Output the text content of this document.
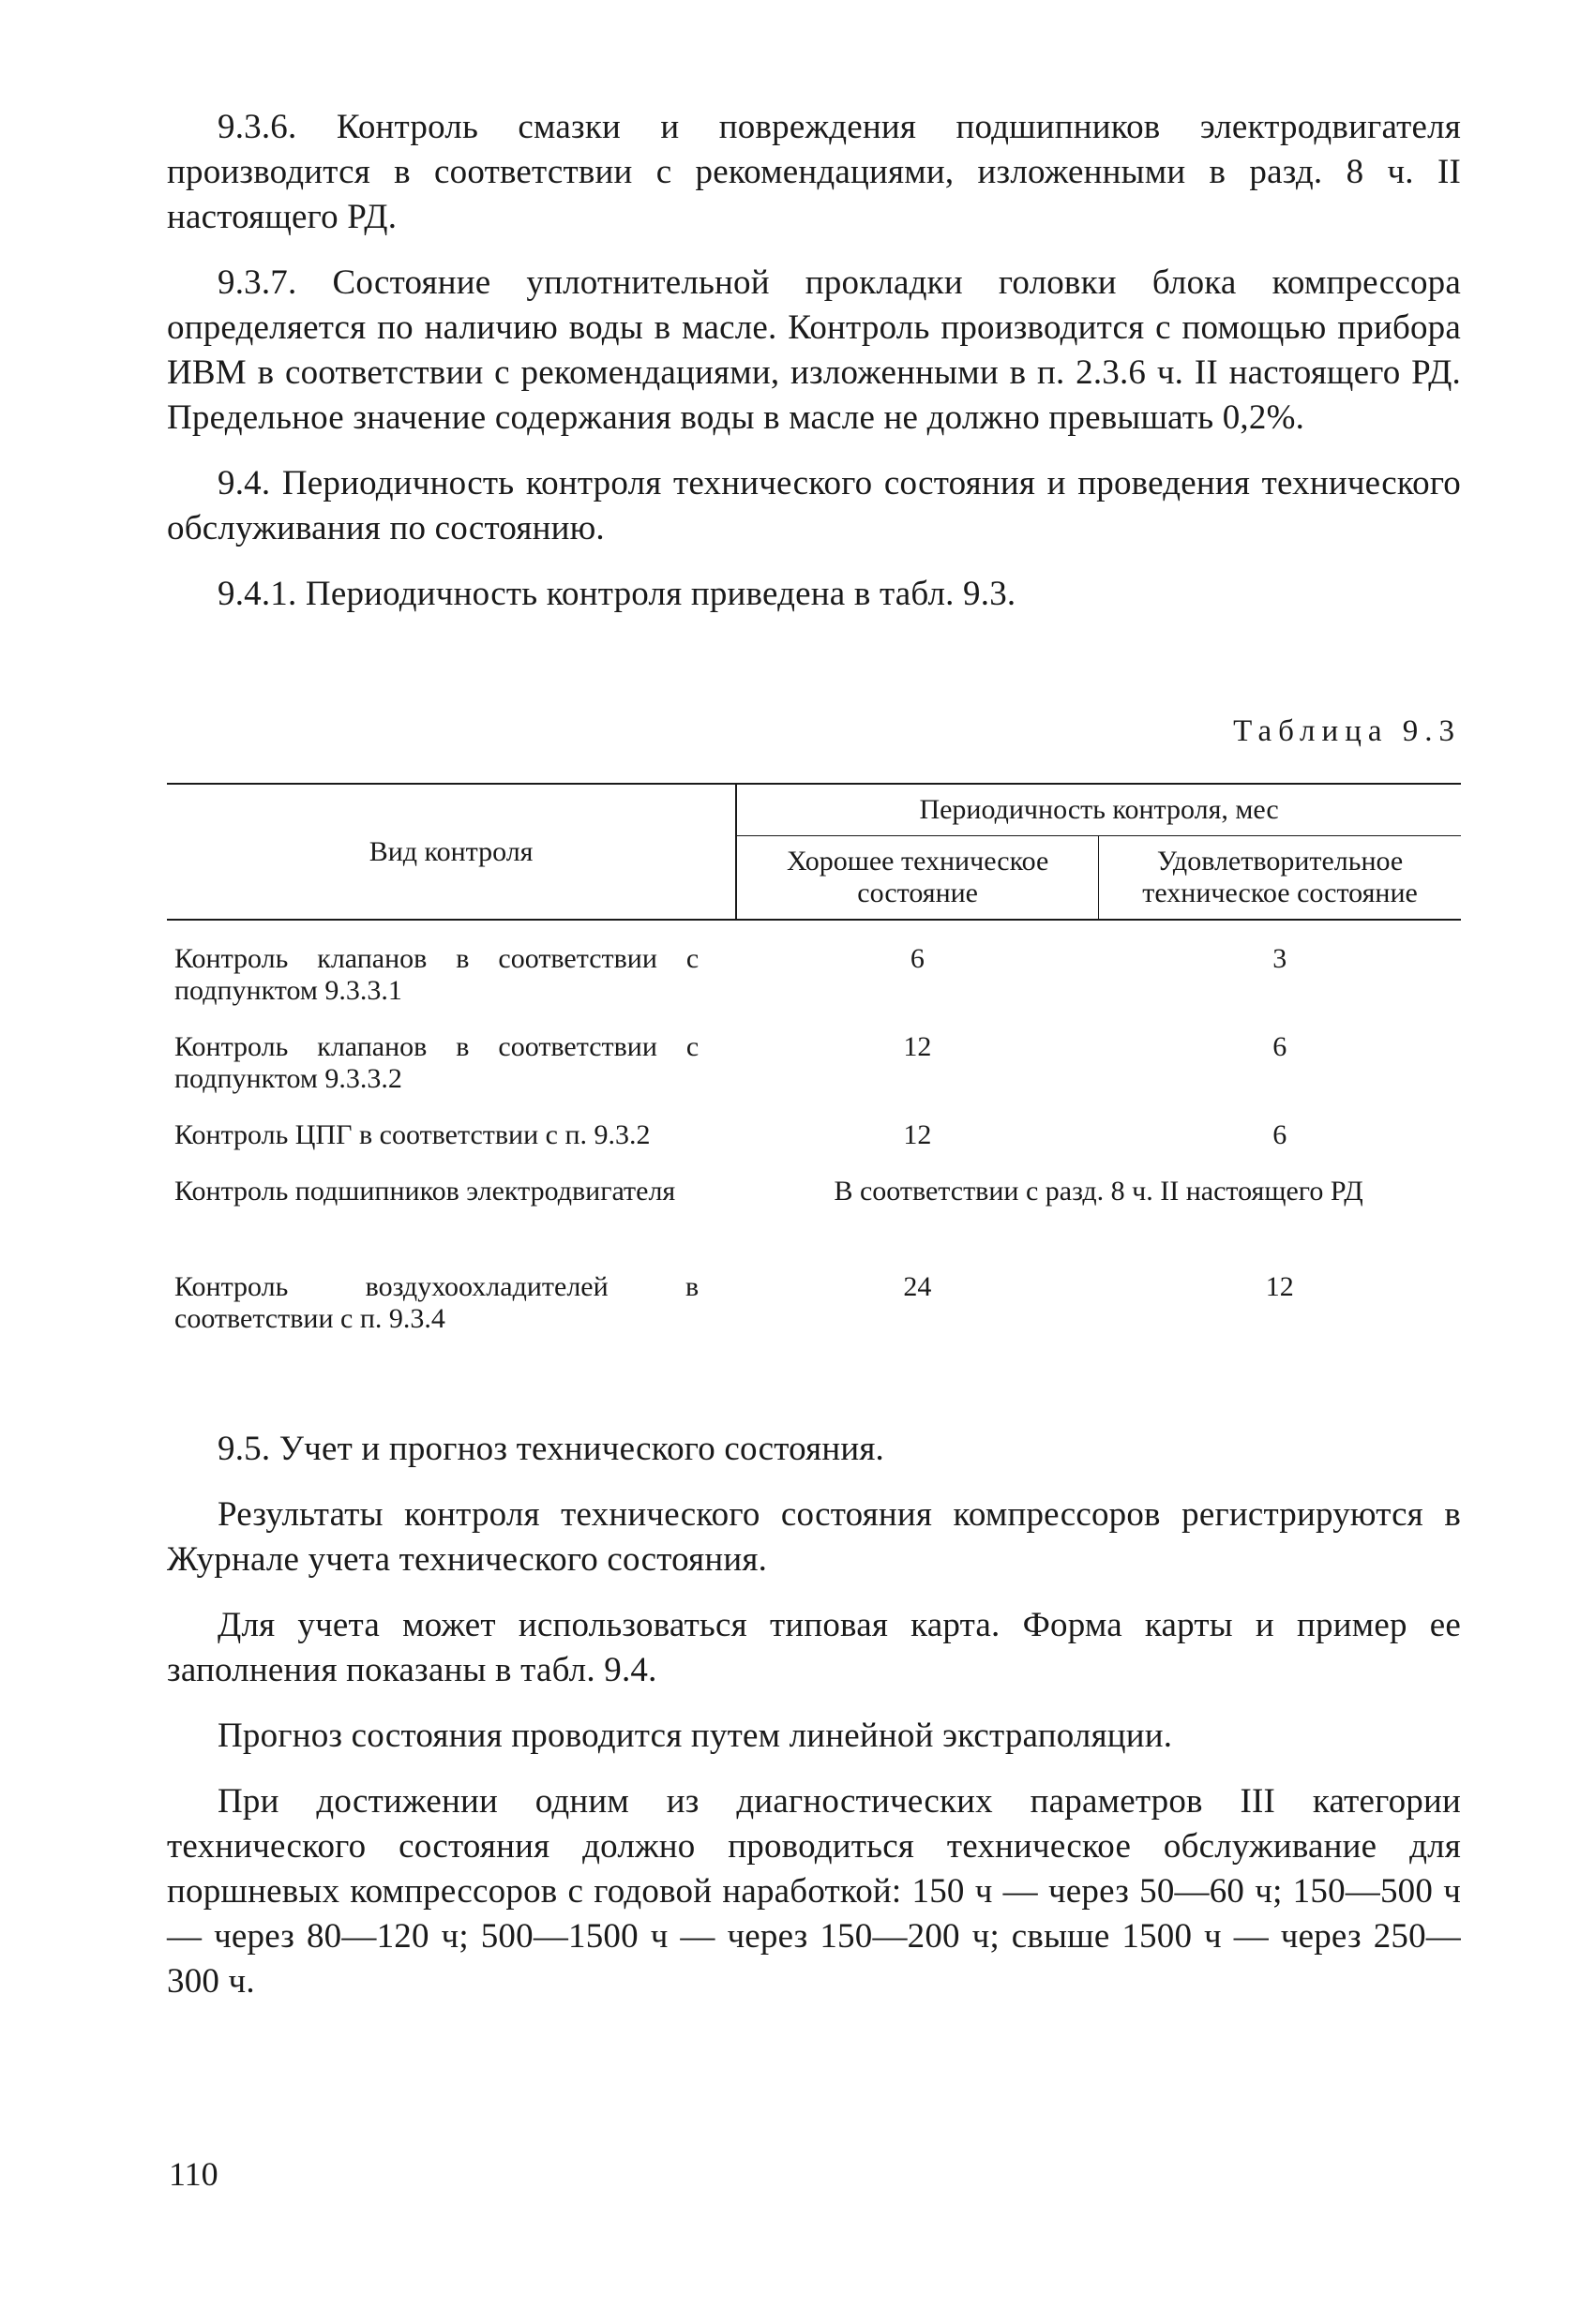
9.3.6. Контроль смазки и повреждения подшипников электродвигателя производится в соответствии с рекомендациями, изложенными в разд. 8 ч. II настоящего РД.

9.3.7. Состояние уплотнительной прокладки головки блока компрессора определяется по наличию воды в масле. Контроль производится с помощью прибора ИВМ в соответствии с рекомендациями, изложенными в п. 2.3.6 ч. II настоящего РД. Предельное значение содержания воды в масле не должно превышать 0,2%.

9.4. Периодичность контроля технического состояния и проведения технического обслуживания по состоянию.

9.4.1. Периодичность контроля приведена в табл. 9.3.

Таблица 9.3
Вид контроля	Периодичность контроля, мес	
	Хорошее техническое состояние	Удовлетворительное техническое состояние
Контроль клапанов в соответствии с подпунктом 9.3.3.1	6	3
Контроль клапанов в соответствии с подпунктом 9.3.3.2	12	6
Контроль ЦПГ в соответствии с п. 9.3.2	12	6
Контроль подшипников электродвигателя	В соответствии с разд. 8 ч. II настоящего РД	
Контроль воздухоохладителей в соответствии с п. 9.3.4	24	12

9.5. Учет и прогноз технического состояния.

Результаты контроля технического состояния компрессоров регистрируются в Журнале учета технического состояния.

Для учета может использоваться типовая карта. Форма карты и пример ее заполнения показаны в табл. 9.4.

Прогноз состояния проводится путем линейной экстраполяции.

При достижении одним из диагностических параметров III категории технического состояния должно проводиться техническое обслуживание для поршневых компрессоров с годовой наработкой: 150 ч — через 50—60 ч; 150—500 ч — через 80—120 ч; 500—1500 ч — через 150—200 ч; свыше 1500 ч — через 250—300 ч.

110
